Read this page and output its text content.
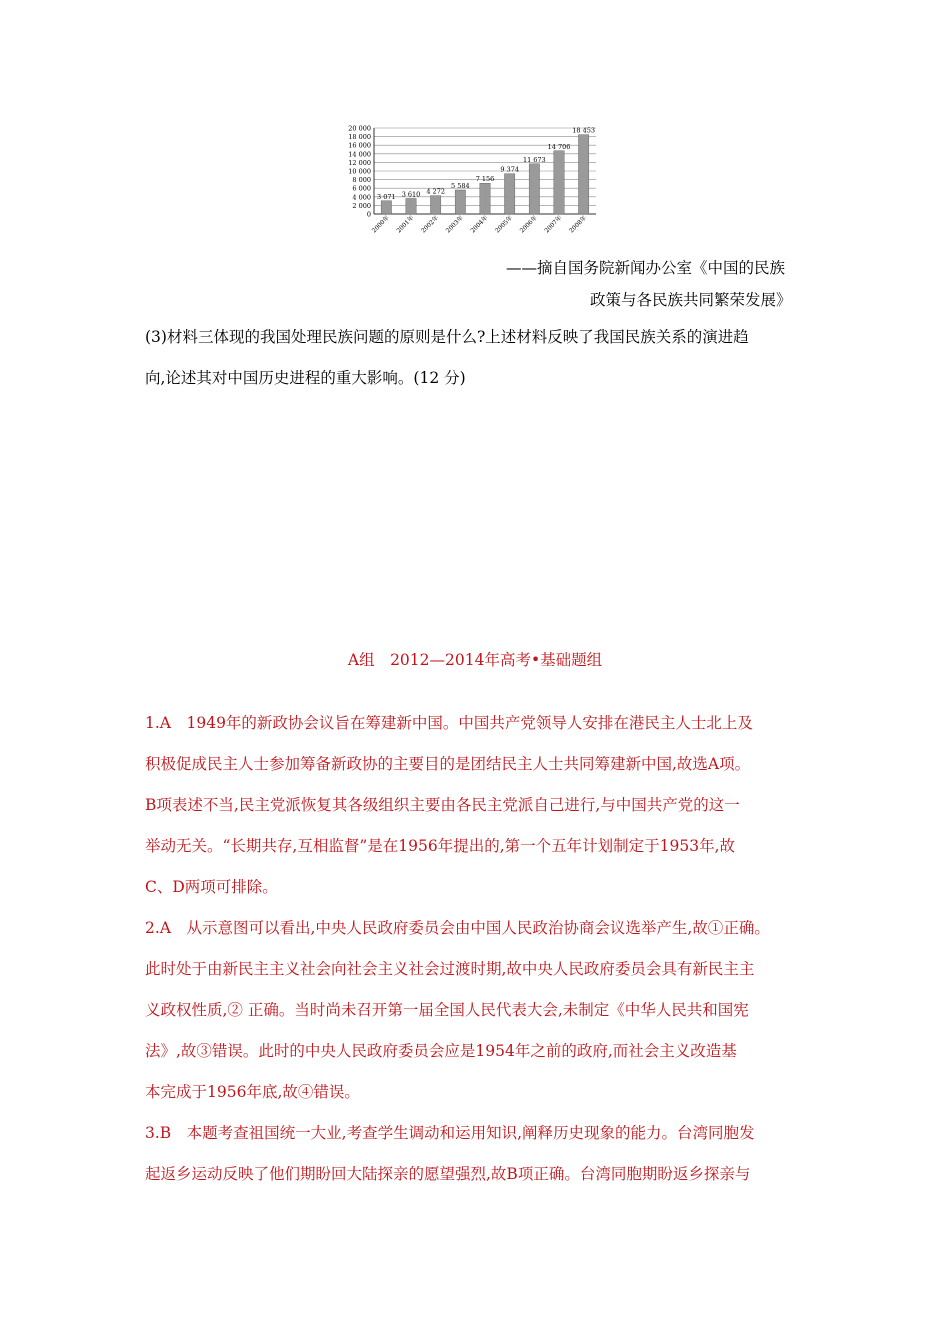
0
2 000
4 000
6 000
8 000
10 000
12 000
14 000
16 000
18 000
20 000
3 071
2000年
3 610
2001年
4 272
2002年
5 584
2003年
7 156
2004年
9 374
2005年
11 673
2006年
14 706
2007年
18 453
2008年
——摘自国务院新闻办公室《中国的民族
政策与各民族共同繁荣发展》
(3)材料三体现的我国处理民族问题的原则是什么?上述材料反映了我国民族关系的演进趋
向,论述其对中国历史进程的重大影响。(12 分)
A组　2012—2014年高考•基础题组
1.A　1949年的新政协会议旨在筹建新中国。中国共产党领导人安排在港民主人士北上及
积极促成民主人士参加筹备新政协的主要目的是团结民主人士共同筹建新中国,故选A项。
B项表述不当,民主党派恢复其各级组织主要由各民主党派自己进行,与中国共产党的这一
举动无关。“长期共存,互相监督”是在1956年提出的,第一个五年计划制定于1953年,故
C、D两项可排除。
2.A　从示意图可以看出,中央人民政府委员会由中国人民政治协商会议选举产生,故①正确。
此时处于由新民主主义社会向社会主义社会过渡时期,故中央人民政府委员会具有新民主主
义政权性质,② 正确。当时尚未召开第一届全国人民代表大会,未制定《中华人民共和国宪
法》,故③错误。此时的中央人民政府委员会应是1954年之前的政府,而社会主义改造基
本完成于1956年底,故④错误。
3.B　本题考查祖国统一大业,考查学生调动和运用知识,阐释历史现象的能力。台湾同胞发
起返乡运动反映了他们期盼回大陆探亲的愿望强烈,故B项正确。台湾同胞期盼返乡探亲与
